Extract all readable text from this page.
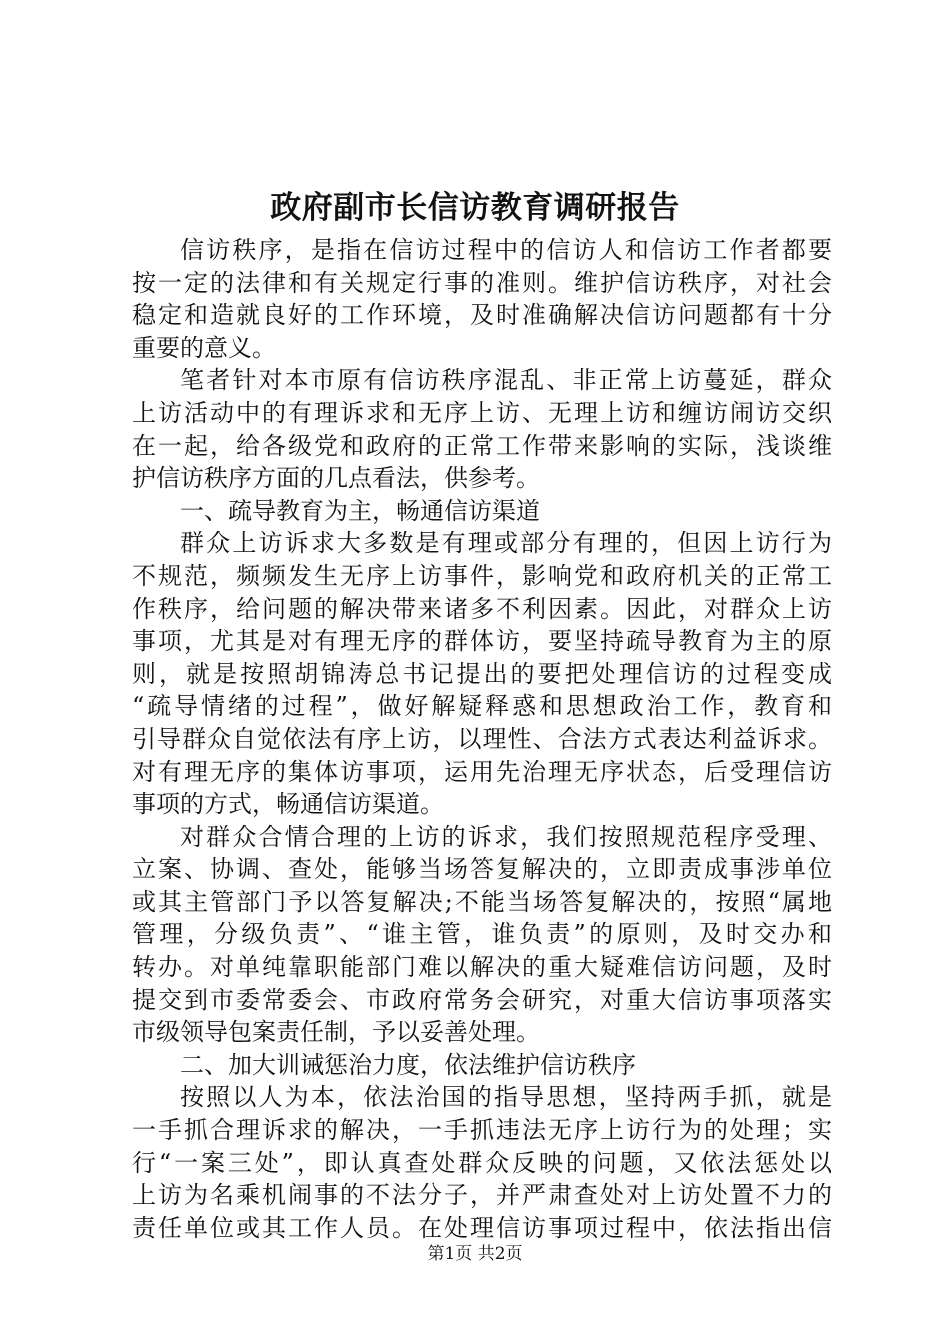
政府副市长信访教育调研报告
信访秩序，是指在信访过程中的信访人和信访工作者都要
按一定的法律和有关规定行事的准则。维护信访秩序，对社会
稳定和造就良好的工作环境，及时准确解决信访问题都有十分
重要的意义。
笔者针对本市原有信访秩序混乱、非正常上访蔓延，群众
上访活动中的有理诉求和无序上访、无理上访和缠访闹访交织
在一起，给各级党和政府的正常工作带来影响的实际，浅谈维
护信访秩序方面的几点看法，供参考。
一、疏导教育为主，畅通信访渠道
群众上访诉求大多数是有理或部分有理的，但因上访行为
不规范，频频发生无序上访事件，影响党和政府机关的正常工
作秩序，给问题的解决带来诸多不利因素。因此，对群众上访
事项，尤其是对有理无序的群体访，要坚持疏导教育为主的原
则，就是按照胡锦涛总书记提出的要把处理信访的过程变成
“疏导情绪的过程”，做好解疑释惑和思想政治工作，教育和
引导群众自觉依法有序上访，以理性、合法方式表达利益诉求。
对有理无序的集体访事项，运用先治理无序状态，后受理信访
事项的方式，畅通信访渠道。
对群众合情合理的上访的诉求，我们按照规范程序受理、
立案、协调、查处，能够当场答复解决的，立即责成事涉单位
或其主管部门予以答复解决;不能当场答复解决的，按照“属地
管理，分级负责”、“谁主管，谁负责”的原则，及时交办和
转办。对单纯靠职能部门难以解决的重大疑难信访问题，及时
提交到市委常委会、市政府常务会研究，对重大信访事项落实
市级领导包案责任制，予以妥善处理。
二、加大训诫惩治力度，依法维护信访秩序
按照以人为本，依法治国的指导思想，坚持两手抓，就是
一手抓合理诉求的解决，一手抓违法无序上访行为的处理；实
行“一案三处”，即认真查处群众反映的问题，又依法惩处以
上访为名乘机闹事的不法分子，并严肃查处对上访处置不力的
责任单位或其工作人员。在处理信访事项过程中，依法指出信
第1页 共2页
